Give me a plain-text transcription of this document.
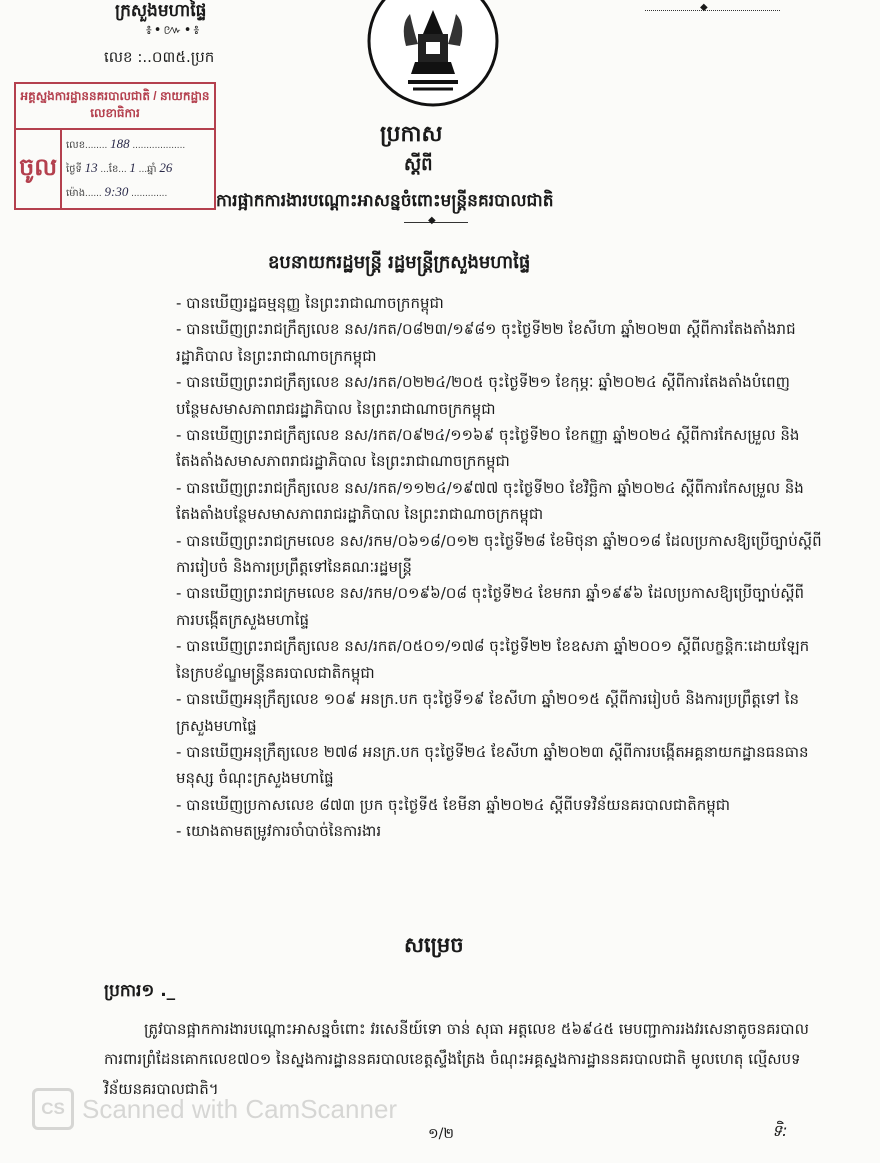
ក្រសួងមហាផ្ទៃ
៖•៚•៖
លេខ :..០៣៥.ប្រក
◆
អគ្គស្នងការដ្ឋាននគរបាលជាតិ / នាយកដ្ឋានលេខាធិការ
ចូល
លេខ........ 188 ...................
ថ្ងៃទី 13 ...ខែ... 1 ...ឆ្នាំ 26
ម៉ោង...... 9:30 .............
ប្រកាស
ស្ដីពី
ការផ្អាកការងារបណ្ដោះអាសន្នចំពោះមន្ត្រីនគរបាលជាតិ
◆
ឧបនាយករដ្ឋមន្ត្រី រដ្ឋមន្ត្រីក្រសួងមហាផ្ទៃ
- បានឃើញរដ្ឋធម្មនុញ្ញ នៃព្រះរាជាណាចក្រកម្ពុជា
- បានឃើញព្រះរាជក្រឹត្យលេខ នស/រកត/០៨២៣/១៩៨១ ចុះថ្ងៃទី២២ ខែសីហា ឆ្នាំ២០២៣ ស្ដីពីការតែងតាំងរាជរដ្ឋាភិបាល នៃព្រះរាជាណាចក្រកម្ពុជា
- បានឃើញព្រះរាជក្រឹត្យលេខ នស/រកត/០២២៤/២០៥ ចុះថ្ងៃទី២១ ខែកុម្ភៈ ឆ្នាំ២០២៤ ស្ដីពីការតែងតាំងបំពេញបន្ថែមសមាសភាពរាជរដ្ឋាភិបាល នៃព្រះរាជាណាចក្រកម្ពុជា
- បានឃើញព្រះរាជក្រឹត្យលេខ នស/រកត/០៩២៤/១១៦៩ ចុះថ្ងៃទី២០ ខែកញ្ញា ឆ្នាំ២០២៤ ស្ដីពីការកែសម្រួល និងតែងតាំងសមាសភាពរាជរដ្ឋាភិបាល នៃព្រះរាជាណាចក្រកម្ពុជា
- បានឃើញព្រះរាជក្រឹត្យលេខ នស/រកត/១១២៤/១៩៧៧ ចុះថ្ងៃទី២០ ខែវិច្ឆិកា ឆ្នាំ២០២៤ ស្ដីពីការកែសម្រួល និងតែងតាំងបន្ថែមសមាសភាពរាជរដ្ឋាភិបាល នៃព្រះរាជាណាចក្រកម្ពុជា
- បានឃើញព្រះរាជក្រមលេខ នស/រកម/០៦១៨/០១២ ចុះថ្ងៃទី២៨ ខែមិថុនា ឆ្នាំ២០១៨ ដែលប្រកាសឱ្យប្រើច្បាប់ស្ដីពីការរៀបចំ និងការប្រព្រឹត្តទៅនៃគណៈរដ្ឋមន្ត្រី
- បានឃើញព្រះរាជក្រមលេខ នស/រកម/០១៩៦/០៨ ចុះថ្ងៃទី២៤ ខែមករា ឆ្នាំ១៩៩៦ ដែលប្រកាសឱ្យប្រើច្បាប់ស្ដីពីការបង្កើតក្រសួងមហាផ្ទៃ
- បានឃើញព្រះរាជក្រឹត្យលេខ នស/រកត/០៥០១/១៧៨ ចុះថ្ងៃទី២២ ខែឧសភា ឆ្នាំ២០០១ ស្ដីពីលក្ខន្តិកៈដោយឡែក នៃក្របខ័ណ្ឌមន្ត្រីនគរបាលជាតិកម្ពុជា
- បានឃើញអនុក្រឹត្យលេខ ១០៩ អនក្រ.បក ចុះថ្ងៃទី១៩ ខែសីហា ឆ្នាំ២០១៥ ស្ដីពីការរៀបចំ និងការប្រព្រឹត្តទៅ នៃក្រសួងមហាផ្ទៃ
- បានឃើញអនុក្រឹត្យលេខ ២៧៨ អនក្រ.បក ចុះថ្ងៃទី២៤ ខែសីហា ឆ្នាំ២០២៣ ស្ដីពីការបង្កើតអគ្គនាយកដ្ឋានធនធានមនុស្ស ចំណុះក្រសួងមហាផ្ទៃ
- បានឃើញប្រកាសលេខ ៨៧៣ ប្រក ចុះថ្ងៃទី៥ ខែមីនា ឆ្នាំ២០២៤ ស្ដីពីបទវិន័យនគរបាលជាតិកម្ពុជា
- យោងតាមតម្រូវការចាំបាច់នៃការងារ
សម្រេច
ប្រការ១ ._
ត្រូវបានផ្អាកការងារបណ្ដោះអាសន្នចំពោះ វរសេនីយ៍ទោ ចាន់ សុធា អត្តលេខ ៥៦៩៤៥ មេបញ្ជាការរងវរសេនាតូចនគរបាលការពារព្រំដែនគោកលេខ៧០១ នៃស្នងការដ្ឋាននគរបាលខេត្តស្ទឹងត្រែង ចំណុះអគ្គស្នងការដ្ឋាននគរបាលជាតិ មូលហេតុ ល្មើសបទវិន័យនគរបាលជាតិ។
CS Scanned with CamScanner
១/២	ទិ:
